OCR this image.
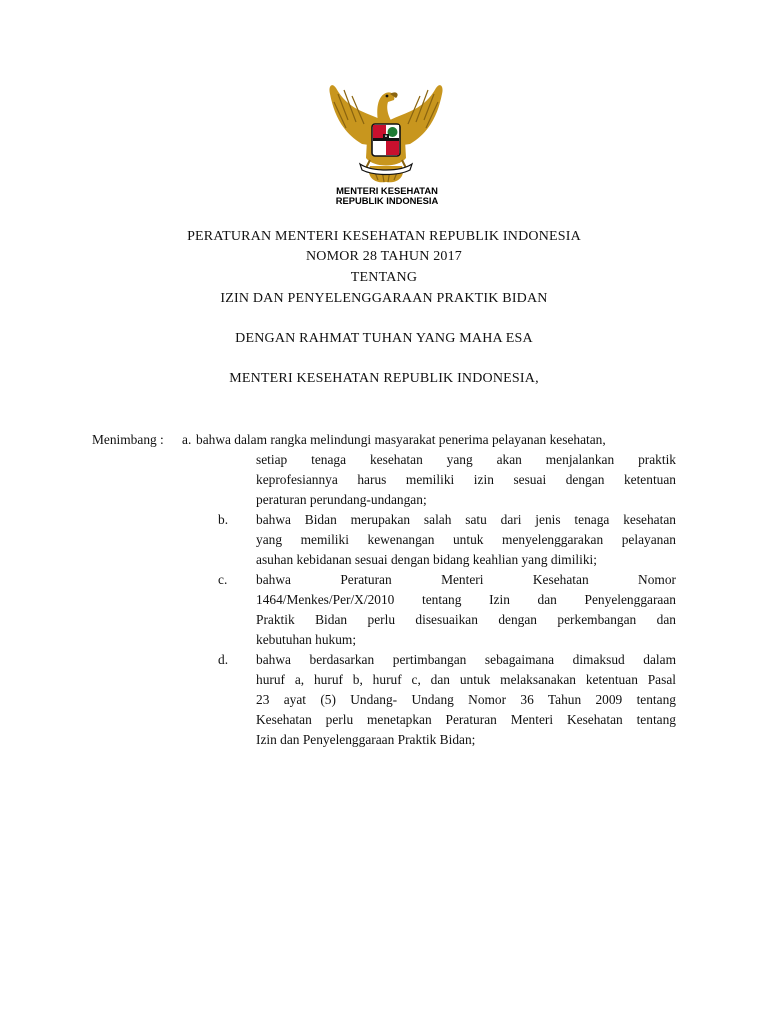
MENTERI KESEHATAN
REPUBLIK INDONESIA
PERATURAN MENTERI KESEHATAN REPUBLIK INDONESIA
NOMOR 28 TAHUN 2017
TENTANG
IZIN DAN PENYELENGGARAAN PRAKTIK BIDAN
DENGAN RAHMAT TUHAN YANG MAHA ESA
MENTERI KESEHATAN REPUBLIK INDONESIA,
Menimbang : a. bahwa dalam rangka melindungi masyarakat penerima pelayanan kesehatan,
setiap tenaga kesehatan yang akan menjalankan praktik
keprofesiannya harus memiliki izin sesuai dengan ketentuan
peraturan perundang-undangan;
b. bahwa Bidan merupakan salah satu dari jenis tenaga kesehatan
yang memiliki kewenangan untuk menyelenggarakan pelayanan
asuhan kebidanan sesuai dengan bidang keahlian yang dimiliki;
c. bahwa Peraturan Menteri Kesehatan Nomor
1464/Menkes/Per/X/2010 tentang Izin dan Penyelenggaraan
Praktik Bidan perlu disesuaikan dengan perkembangan dan
kebutuhan hukum;
d. bahwa berdasarkan pertimbangan sebagaimana dimaksud dalam
huruf a, huruf b, huruf c, dan untuk melaksanakan ketentuan Pasal
23 ayat (5) Undang- Undang Nomor 36 Tahun 2009 tentang
Kesehatan perlu menetapkan Peraturan Menteri Kesehatan tentang
Izin dan Penyelenggaraan Praktik Bidan;
